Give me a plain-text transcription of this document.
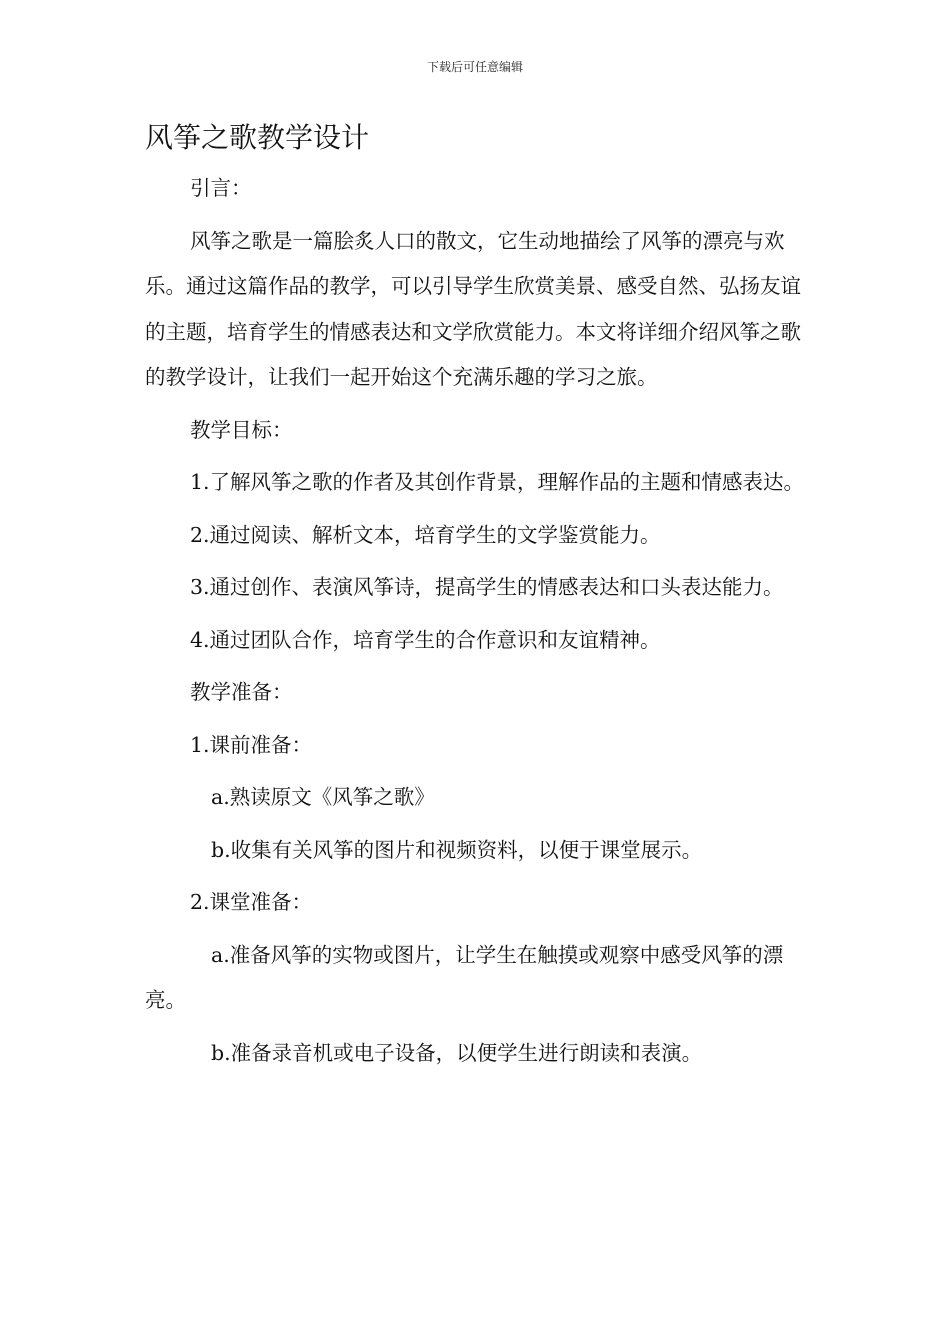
下载后可任意编辑
风筝之歌教学设计

引言：

风筝之歌是一篇脍炙人口的散文，它生动地描绘了风筝的漂亮与欢乐。通过这篇作品的教学，可以引导学生欣赏美景、感受自然、弘扬友谊的主题，培育学生的情感表达和文学欣赏能力。本文将详细介绍风筝之歌的教学设计，让我们一起开始这个充满乐趣的学习之旅。

教学目标：

1.了解风筝之歌的作者及其创作背景，理解作品的主题和情感表达。

2.通过阅读、解析文本，培育学生的文学鉴赏能力。

3.通过创作、表演风筝诗，提高学生的情感表达和口头表达能力。

4.通过团队合作，培育学生的合作意识和友谊精神。

教学准备：

1.课前准备：

a.熟读原文《风筝之歌》

b.收集有关风筝的图片和视频资料，以便于课堂展示。

2.课堂准备：

a.准备风筝的实物或图片，让学生在触摸或观察中感受风筝的漂亮。

b.准备录音机或电子设备，以便学生进行朗读和表演。
